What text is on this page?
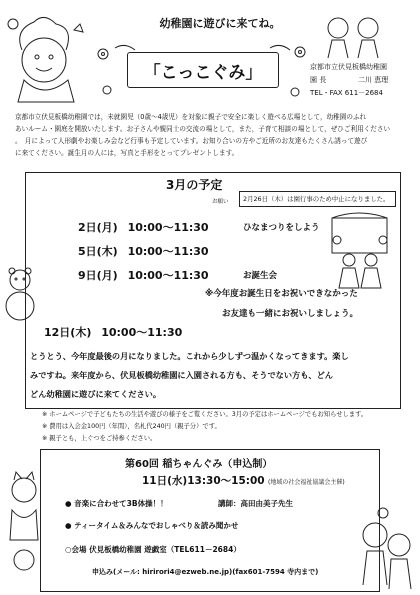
幼稚園に遊びに来てね。
「こっこぐみ」	京都市立伏見板橋幼稚園
園 長	二川 恵理
TEL・FAX 611－2684
京都市立伏見板橋幼稚園では，未就園児（0歳～4歳児）を対象に親子で安全に楽しく遊べる広場として，幼稚園のふれ
あいルーム・園庭を開放いたします。お子さんや親同士の交流の場として，また，子育て相談の場として，ぜひご利用ください
。　月によって人形劇やお楽しみ会など行事も予定しています。お知り合いの方やご近所のお友達もたくさん誘って遊び
に来てください。誕生月の人には，写真と手形をとってプレゼントします。
3月の予定
お願い	2月26日（木）は園行事のため中止になりました。
2日(月) 10:00～11:30	ひなまつりをしよう
5日(木) 10:00～11:30
9日(月) 10:00～11:30	お誕生会
※今年度お誕生日をお祝いできなかった
お友達も一緒にお祝いしましょう。
12日(木) 10:00～11:30
とうとう、今年度最後の月になりました。これから少しずつ温かくなってきます。楽し
みですね。来年度から、伏見板橋幼稚園に入園される方も、そうでない方も、どん
どん幼稚園に遊びに来てください。
※ ホームページで子どもたちの生活や遊びの様子をご覧ください。3月の予定はホームページでもお知らせします。
※ 費用は入会金100円（年間），名札代240円（親子分）です。
※ 親子とも，上ぐつをご持参ください。
第60回 稲ちゃんぐみ（申込制）
11日(水)13:30～15:00 (地域の社会福祉協議会主催)
● 音楽に合わせて3B体操！！	講師：高田由美子先生
● ティータイム＆みんなでおしゃべり＆読み聞かせ
○会場 伏見板橋幼稚園 遊戯室（TEL611－2684）
申込み(メール: hirirori4@ezweb.ne.jp)(fax601-7594 寺内まで)
